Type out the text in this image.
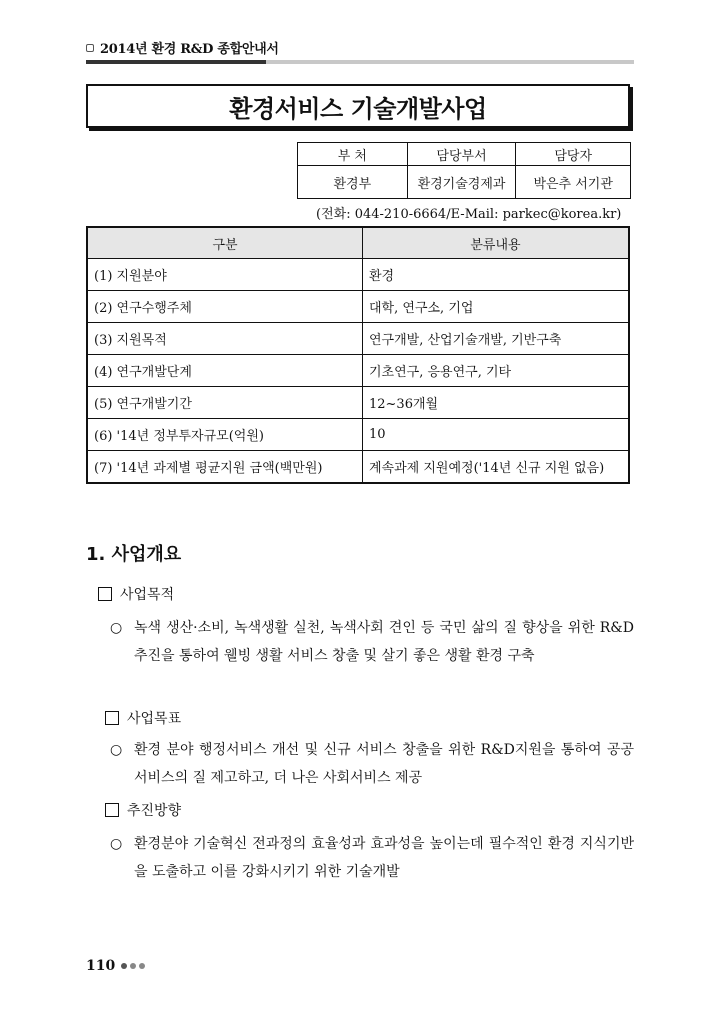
2014년 환경 R&D 종합안내서
환경서비스 기술개발사업
부 처	담당부서	담당자
환경부	환경기술경제과	박은추 서기관
(전화: 044-210-6664/E-Mail: parkec@korea.kr)
구분	분류내용
(1) 지원분야	환경
(2) 연구수행주체	대학, 연구소, 기업
(3) 지원목적	연구개발, 산업기술개발, 기반구축
(4) 연구개발단계	기초연구, 응용연구, 기타
(5) 연구개발기간	12~36개월
(6) '14년 정부투자규모(억원)	10
(7) '14년 과제별 평균지원 금액(백만원)	계속과제 지원예정('14년 신규 지원 없음)
1. 사업개요
사업목적
○ 녹색 생산·소비, 녹색생활 실천, 녹색사회 견인 등 국민 삶의 질 향상을 위한 R&D추진을 통하여 웰빙 생활 서비스 창출 및 살기 좋은 생활 환경 구축
사업목표
○ 환경 분야 행정서비스 개선 및 신규 서비스 창출을 위한 R&D지원을 통하여 공공서비스의 질 제고하고, 더 나은 사회서비스 제공
추진방향
○ 환경분야 기술혁신 전과정의 효율성과 효과성을 높이는데 필수적인 환경 지식기반을 도출하고 이를 강화시키기 위한 기술개발
110
